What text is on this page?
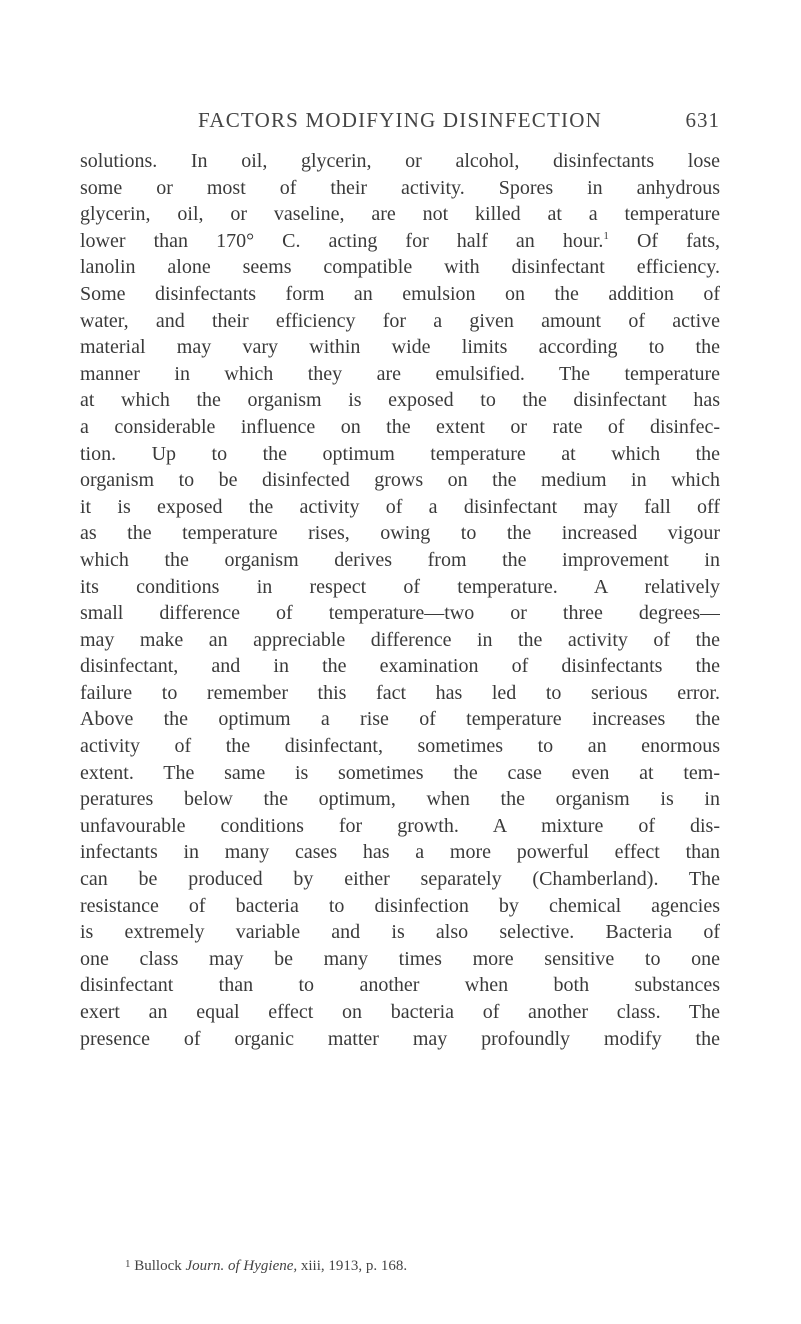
FACTORS MODIFYING DISINFECTION	631
solutions. In oil, glycerin, or alcohol, disinfectants lose
some or most of their activity. Spores in anhydrous
glycerin, oil, or vaseline, are not killed at a temperature
lower than 170° C. acting for half an hour.$^1$ Of fats,
lanolin alone seems compatible with disinfectant efficiency.
Some disinfectants form an emulsion on the addition of
water, and their efficiency for a given amount of active
material may vary within wide limits according to the
manner in which they are emulsified. The temperature
at which the organism is exposed to the disinfectant has
a considerable influence on the extent or rate of disinfec-
tion. Up to the optimum temperature at which the
organism to be disinfected grows on the medium in which
it is exposed the activity of a disinfectant may fall off
as the temperature rises, owing to the increased vigour
which the organism derives from the improvement in
its conditions in respect of temperature. A relatively
small difference of temperature—two or three degrees—
may make an appreciable difference in the activity of the
disinfectant, and in the examination of disinfectants the
failure to remember this fact has led to serious error.
Above the optimum a rise of temperature increases the
activity of the disinfectant, sometimes to an enormous
extent. The same is sometimes the case even at tem-
peratures below the optimum, when the organism is in
unfavourable conditions for growth. A mixture of dis-
infectants in many cases has a more powerful effect than
can be produced by either separately (Chamberland). The
resistance of bacteria to disinfection by chemical agencies
is extremely variable and is also selective. Bacteria of
one class may be many times more sensitive to one
disinfectant than to another when both substances
exert an equal effect on bacteria of another class. The
presence of organic matter may profoundly modify the
$^1$ Bullock Journ. of Hygiene, xiii, 1913, p. 168.
